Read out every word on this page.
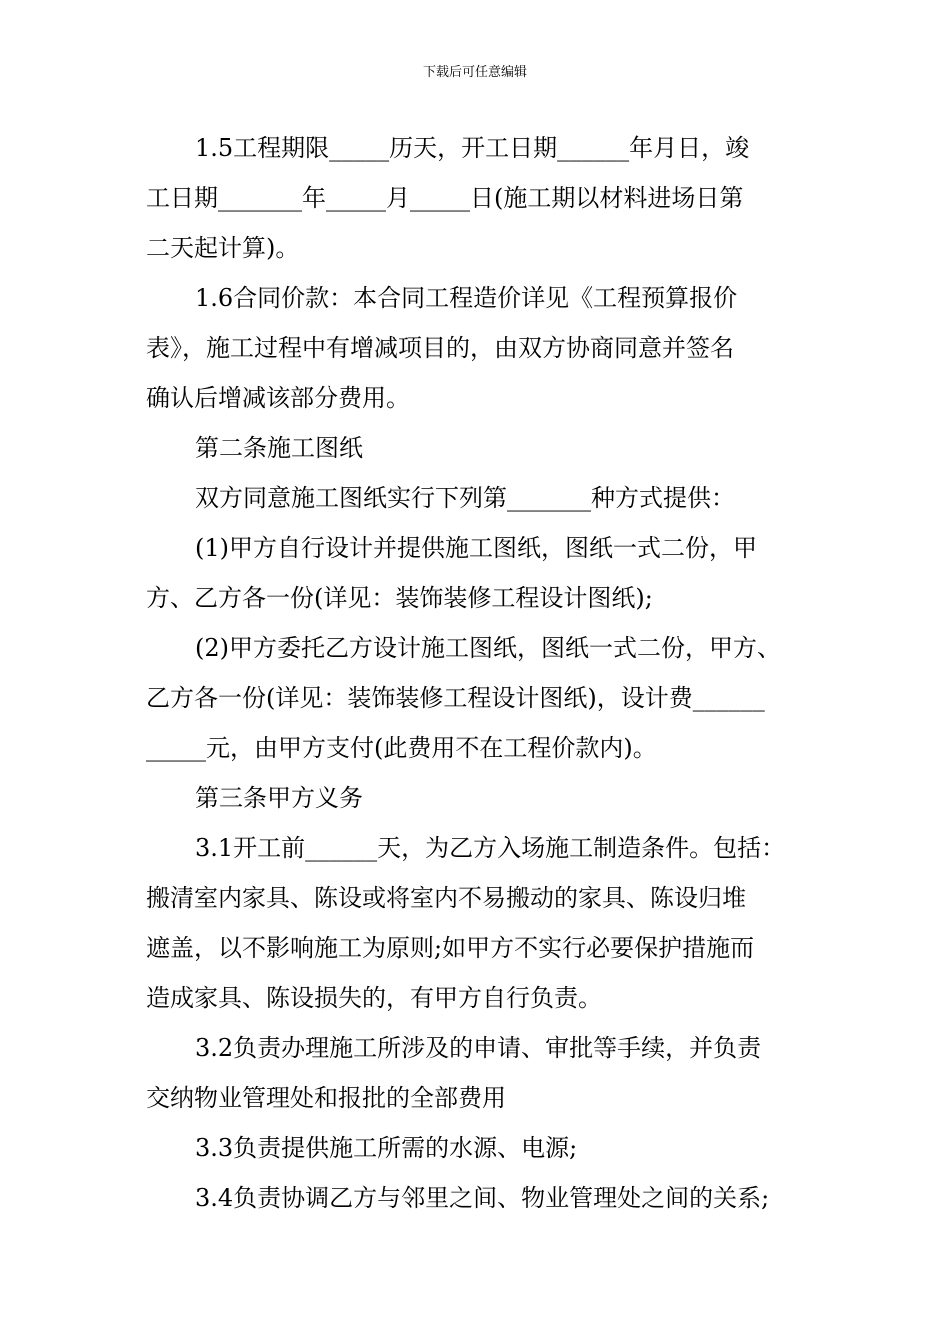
下载后可任意编辑
1.5工程期限_____历天，开工日期______年月日，竣
工日期_______年_____月_____日(施工期以材料进场日第
二天起计算)。
1.6合同价款：本合同工程造价详见《工程预算报价
表》，施工过程中有增减项目的，由双方协商同意并签名
确认后增减该部分费用。
第二条施工图纸
双方同意施工图纸实行下列第_______种方式提供：
(1)甲方自行设计并提供施工图纸，图纸一式二份，甲
方、乙方各一份(详见：装饰装修工程设计图纸);
(2)甲方委托乙方设计施工图纸，图纸一式二份，甲方、
乙方各一份(详见：装饰装修工程设计图纸)，设计费______
_____元，由甲方支付(此费用不在工程价款内)。
第三条甲方义务
3.1开工前______天，为乙方入场施工制造条件。包括：
搬清室内家具、陈设或将室内不易搬动的家具、陈设归堆
遮盖，以不影响施工为原则;如甲方不实行必要保护措施而
造成家具、陈设损失的，有甲方自行负责。
3.2负责办理施工所涉及的申请、审批等手续，并负责
交纳物业管理处和报批的全部费用
3.3负责提供施工所需的水源、电源;
3.4负责协调乙方与邻里之间、物业管理处之间的关系;
